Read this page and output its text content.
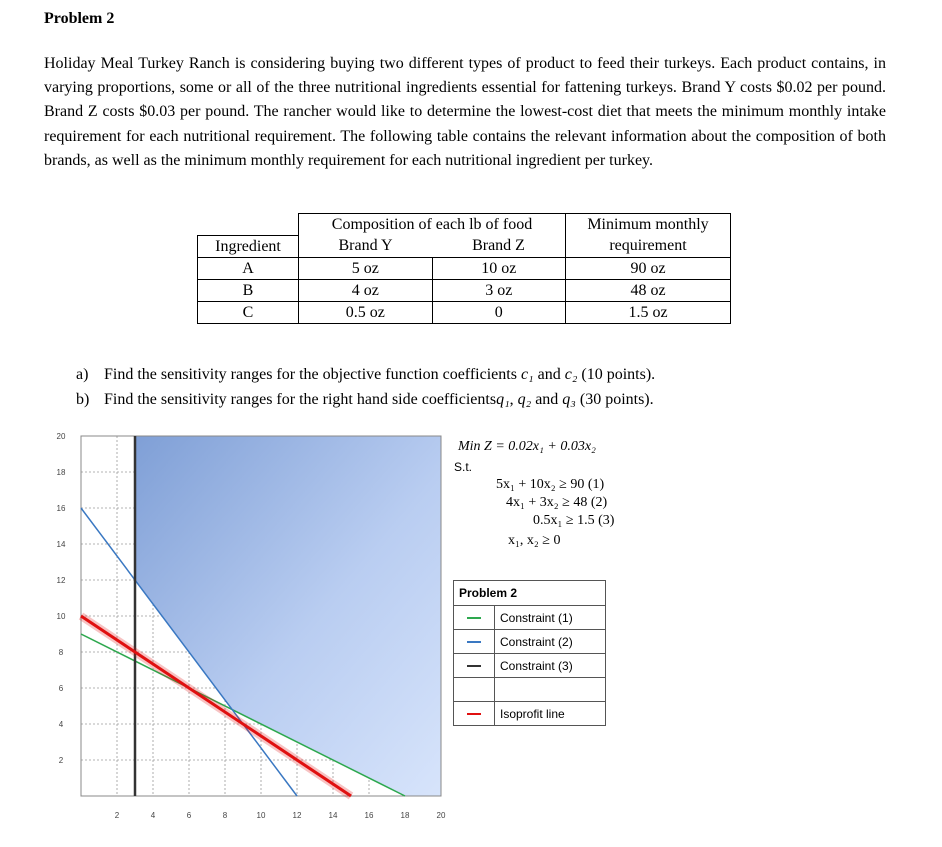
Problem 2

Holiday Meal Turkey Ranch is considering buying two different types of product to feed their turkeys. Each product contains, in varying proportions, some or all of the three nutritional ingredients essential for fattening turkeys. Brand Y costs $0.02 per pound. Brand Z costs $0.03 per pound. The rancher would like to determine the lowest-cost diet that meets the minimum monthly intake requirement for each nutritional requirement. The following table contains the relevant information about the composition of both brands, as well as the minimum monthly requirement for each nutritional ingredient per turkey.

	Composition of each lb of food		Minimum monthly
Ingredient	Brand Y	Brand Z	requirement
A	5 oz	10 oz	90 oz
B	4 oz	3 oz	48 oz
C	0.5 oz	0	1.5 oz
a) Find the sensitivity ranges for the objective function coefficients c₁ and c₂ (10 points).
b) Find the sensitivity ranges for the right hand side coefficientsq₁, q₂ and q₃ (30 points).
2	4	6	8	10	12	14	16	18	20
2
4
6
8
10
12
14
16
18
20
Min Z = 0.02x₁ + 0.03x₂
S.t.
5x₁ + 10x₂ ≥ 90 (1)
4x₁ + 3x₂ ≥ 48 (2)
0.5x₁ ≥ 1.5 (3)
x₁, x₂ ≥ 0
Problem 2	
	Constraint (1)
	Constraint (2)
	Constraint (3)

	Isoprofit line
